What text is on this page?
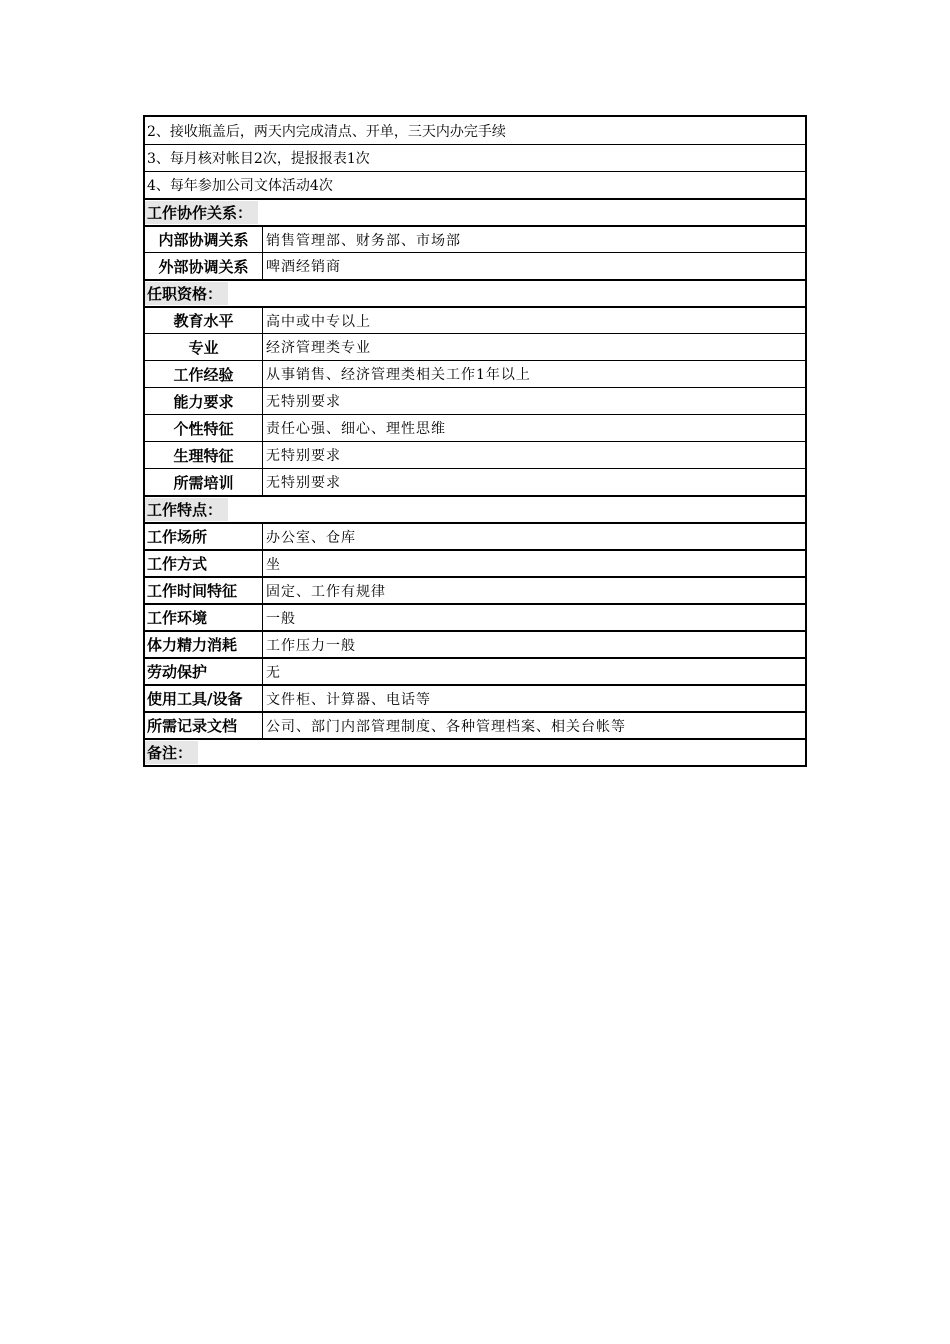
2、接收瓶盖后，两天内完成清点、开单，三天内办完手续
3、每月核对帐目2次，提报报表1次
4、每年参加公司文体活动4次
工作协作关系：
内部协调关系	销售管理部、财务部、市场部
外部协调关系	啤酒经销商
任职资格：
教育水平	高中或中专以上
专业	经济管理类专业
工作经验	从事销售、经济管理类相关工作1年以上
能力要求	无特别要求
个性特征	责任心强、细心、理性思维
生理特征	无特别要求
所需培训	无特别要求
工作特点：
工作场所	办公室、仓库
工作方式	坐
工作时间特征	固定、工作有规律
工作环境	一般
体力精力消耗	工作压力一般
劳动保护	无
使用工具/设备	文件柜、计算器、电话等
所需记录文档	公司、部门内部管理制度、各种管理档案、相关台帐等
备注：
